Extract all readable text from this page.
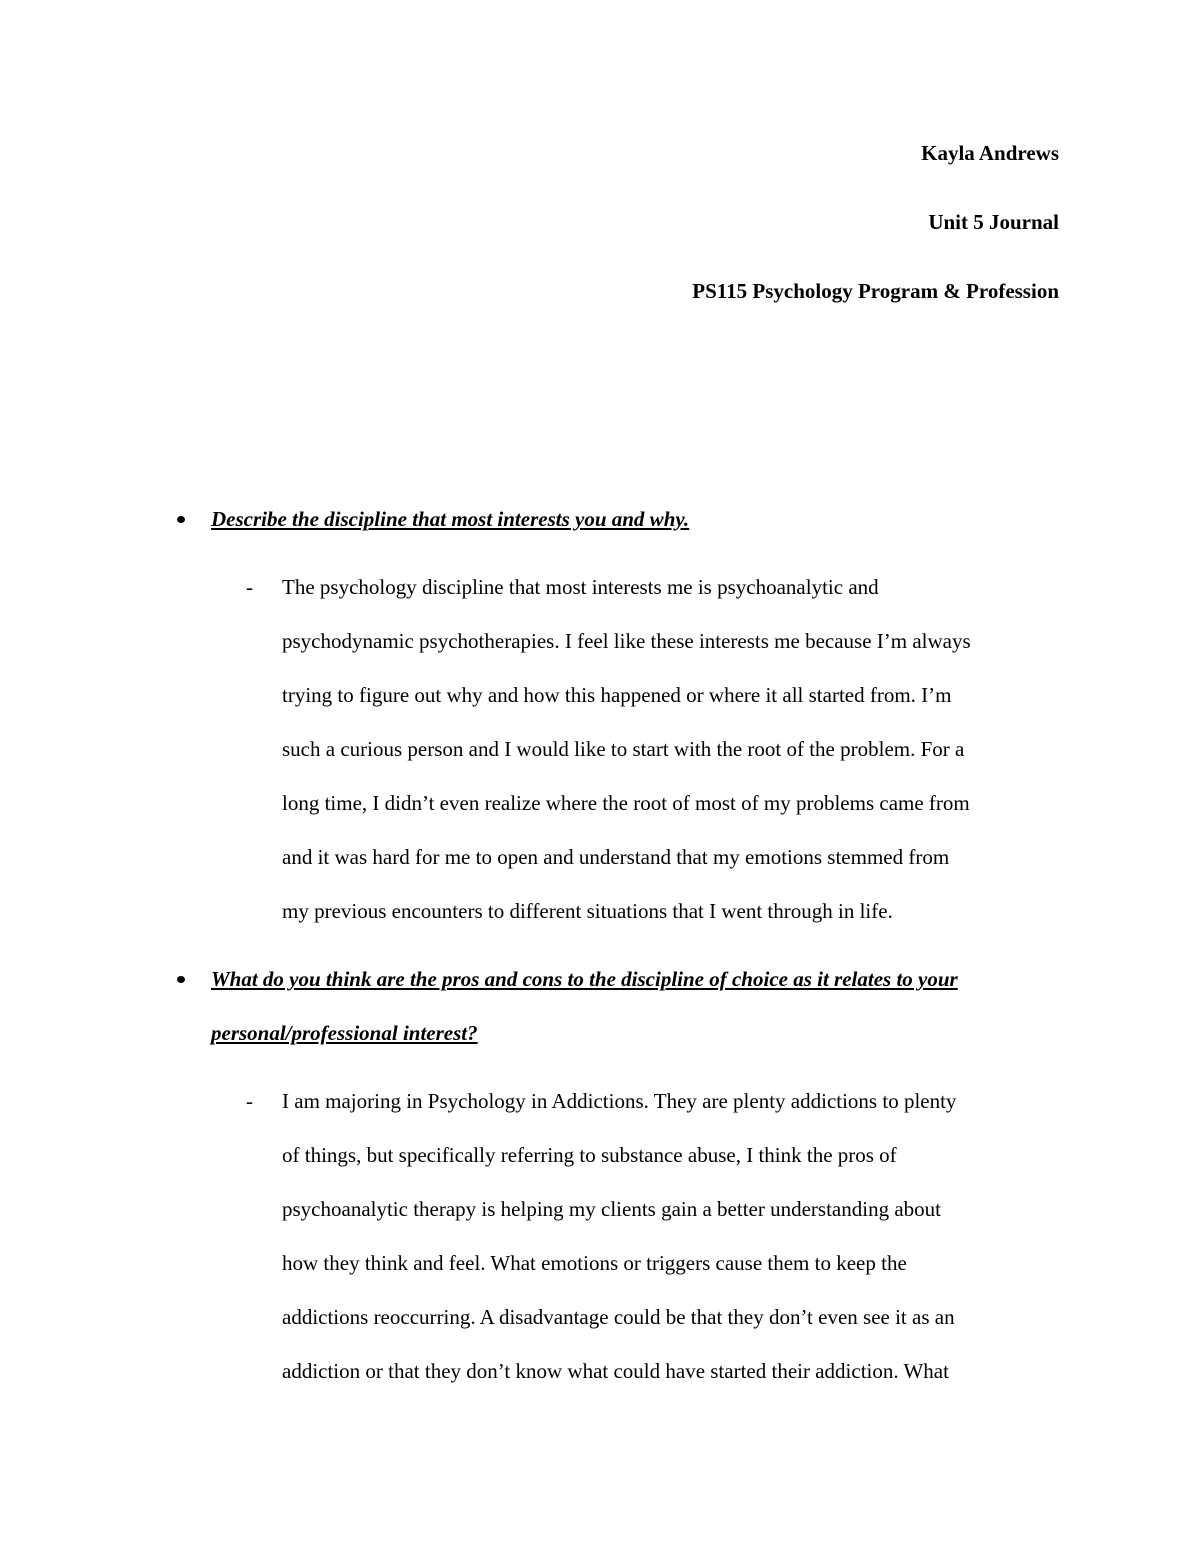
Kayla Andrews
Unit 5 Journal
PS115 Psychology Program & Profession
Describe the discipline that most interests you and why.
- The psychology discipline that most interests me is psychoanalytic and
psychodynamic psychotherapies. I feel like these interests me because I’m always
trying to figure out why and how this happened or where it all started from. I’m
such a curious person and I would like to start with the root of the problem. For a
long time, I didn’t even realize where the root of most of my problems came from
and it was hard for me to open and understand that my emotions stemmed from
my previous encounters to different situations that I went through in life.
What do you think are the pros and cons to the discipline of choice as it relates to your
personal/professional interest?
- I am majoring in Psychology in Addictions. They are plenty addictions to plenty
of things, but specifically referring to substance abuse, I think the pros of
psychoanalytic therapy is helping my clients gain a better understanding about
how they think and feel. What emotions or triggers cause them to keep the
addictions reoccurring. A disadvantage could be that they don’t even see it as an
addiction or that they don’t know what could have started their addiction. What
